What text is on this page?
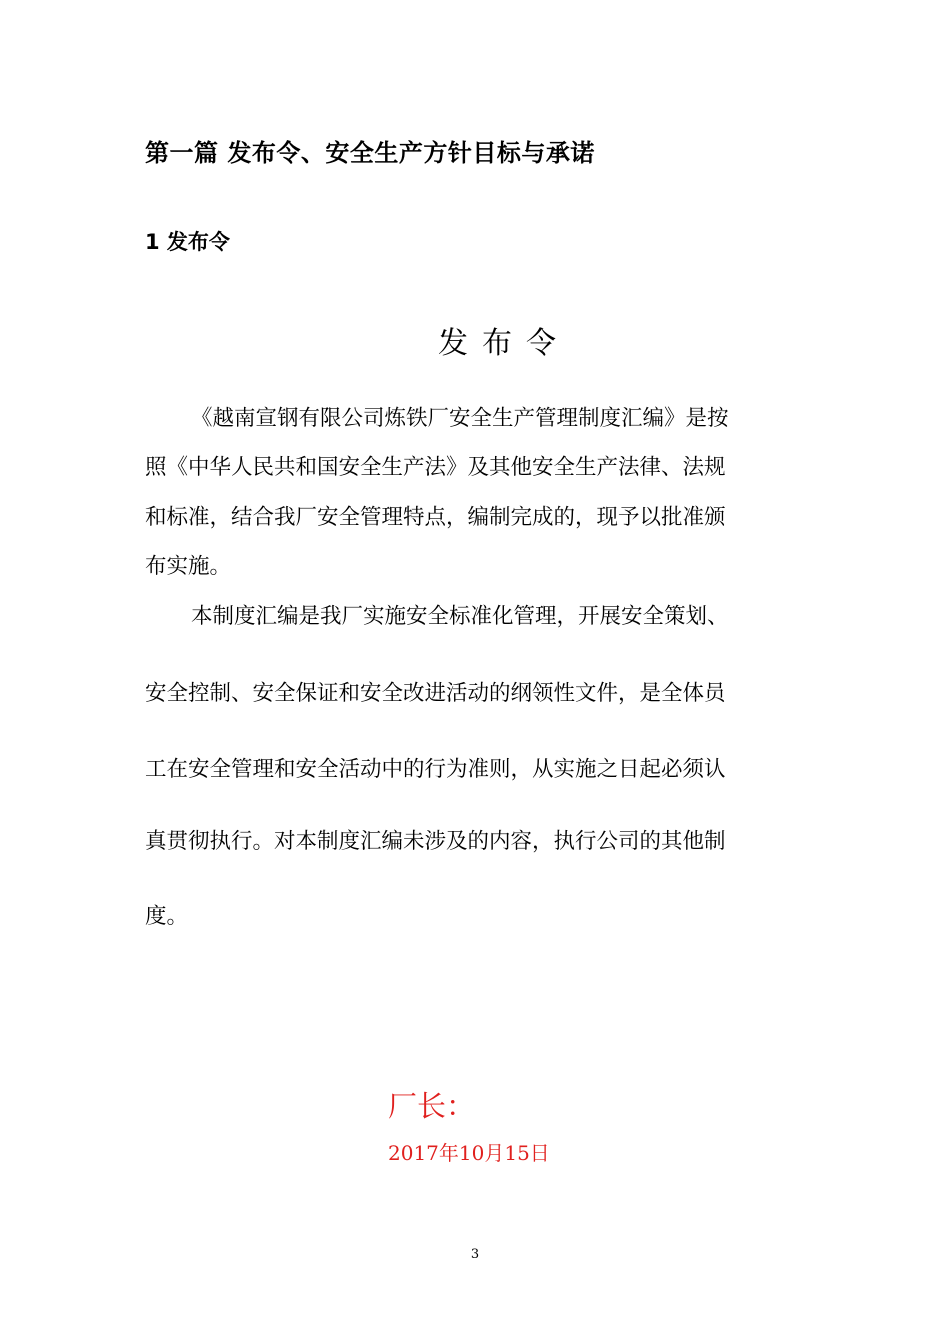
第一篇 发布令、安全生产方针目标与承诺
1 发布令
发布令
《越南宣钢有限公司炼铁厂安全生产管理制度汇编》是按
照《中华人民共和国安全生产法》及其他安全生产法律、法规
和标准，结合我厂安全管理特点，编制完成的，现予以批准颁
布实施。
本制度汇编是我厂实施安全标准化管理，开展安全策划、
安全控制、安全保证和安全改进活动的纲领性文件，是全体员
工在安全管理和安全活动中的行为准则，从实施之日起必须认
真贯彻执行。对本制度汇编未涉及的内容，执行公司的其他制
度。
厂长：
2017年10月15日
3
